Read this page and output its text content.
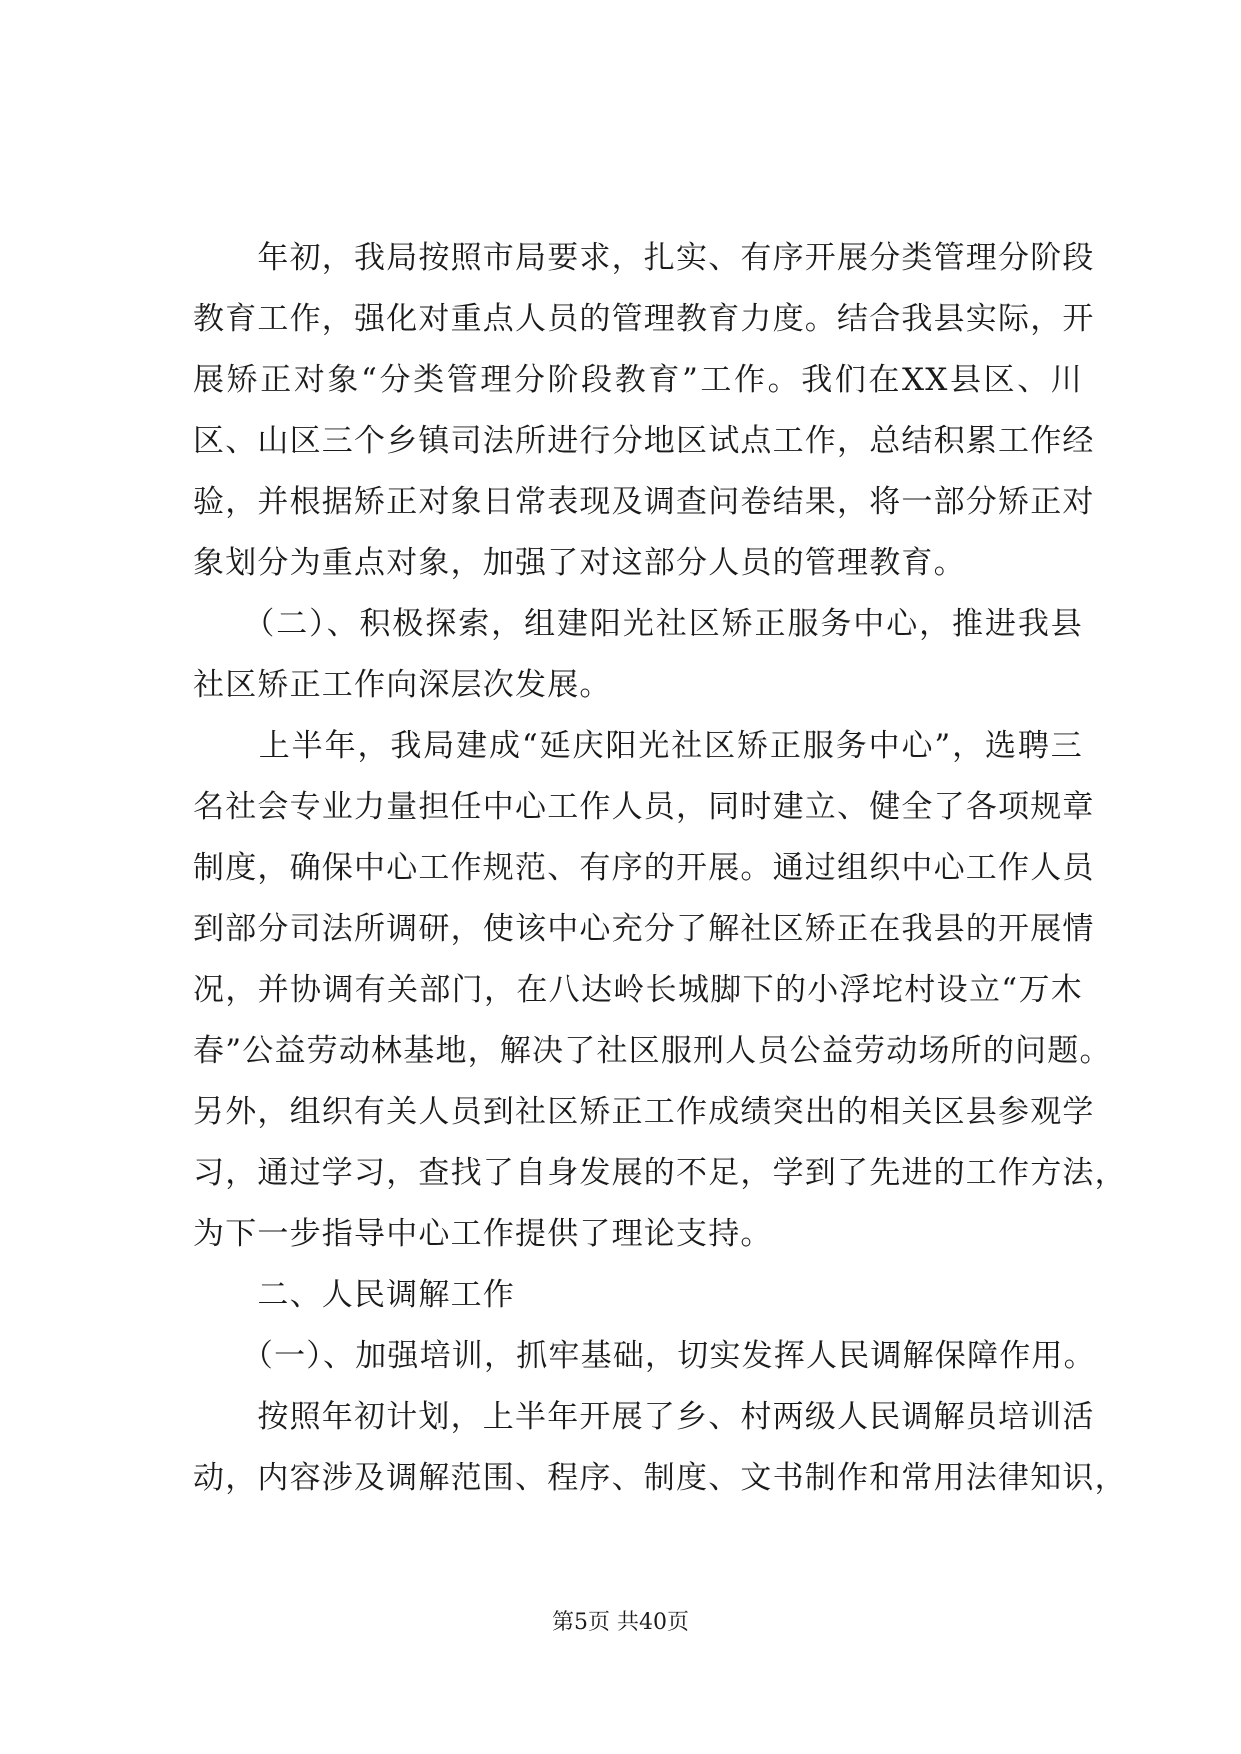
　　年初，我局按照市局要求，扎实、有序开展分类管理分阶段
教育工作，强化对重点人员的管理教育力度。结合我县实际，开
展矫正对象“分类管理分阶段教育”工作。我们在XX县区、川
区、山区三个乡镇司法所进行分地区试点工作，总结积累工作经
验，并根据矫正对象日常表现及调查问卷结果，将一部分矫正对
象划分为重点对象，加强了对这部分人员的管理教育。
　　（二）、积极探索，组建阳光社区矫正服务中心，推进我县
社区矫正工作向深层次发展。
　　上半年，我局建成“延庆阳光社区矫正服务中心”，选聘三
名社会专业力量担任中心工作人员，同时建立、健全了各项规章
制度，确保中心工作规范、有序的开展。通过组织中心工作人员
到部分司法所调研，使该中心充分了解社区矫正在我县的开展情
况，并协调有关部门，在八达岭长城脚下的小浮坨村设立“万木
春”公益劳动林基地，解决了社区服刑人员公益劳动场所的问题。
另外，组织有关人员到社区矫正工作成绩突出的相关区县参观学
习，通过学习，查找了自身发展的不足，学到了先进的工作方法，
为下一步指导中心工作提供了理论支持。
　　二、人民调解工作
　　（一）、加强培训，抓牢基础，切实发挥人民调解保障作用。
　　按照年初计划，上半年开展了乡、村两级人民调解员培训活
动，内容涉及调解范围、程序、制度、文书制作和常用法律知识，
第5页 共40页
